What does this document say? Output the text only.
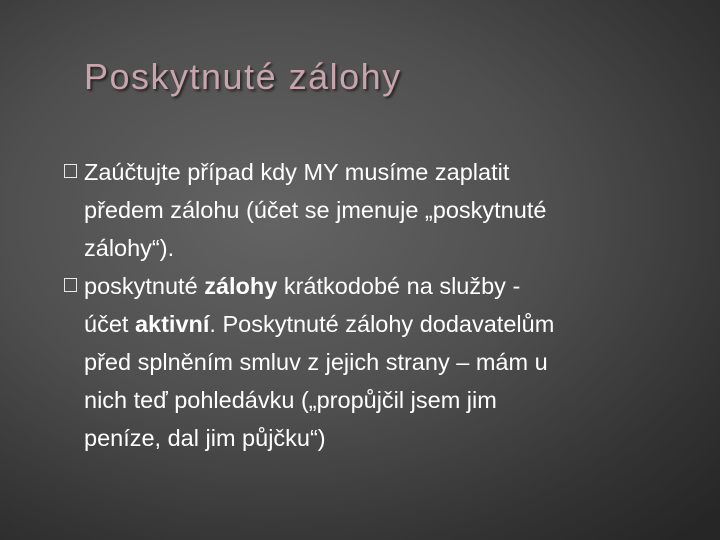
Poskytnuté zálohy
Zaúčtujte případ kdy MY musíme zaplatit
předem zálohu (účet se jmenuje „poskytnuté
zálohy“).
poskytnuté zálohy krátkodobé na služby -
účet aktivní. Poskytnuté zálohy dodavatelům
před splněním smluv z jejich strany – mám u
nich teď pohledávku („propůjčil jsem jim
peníze, dal jim půjčku“)
